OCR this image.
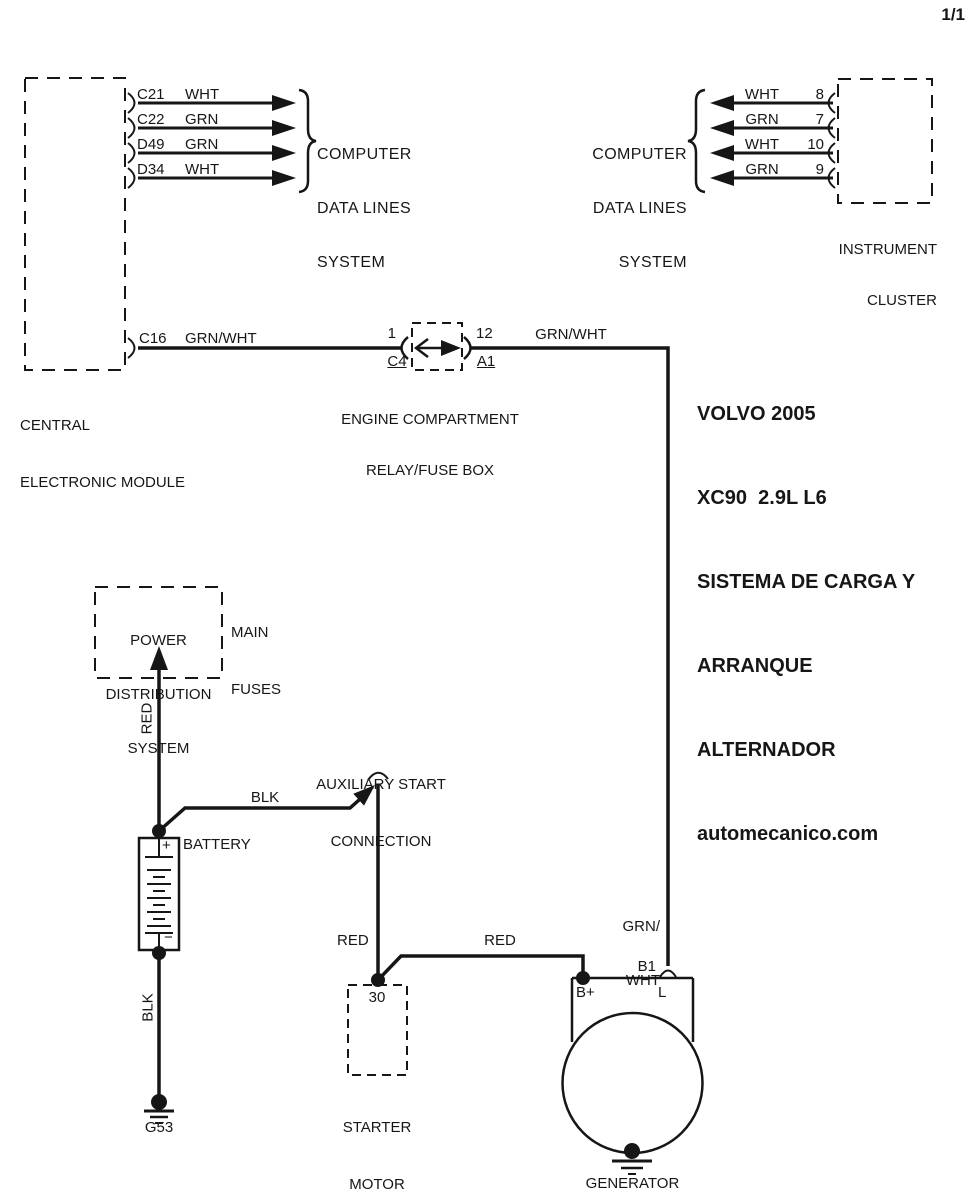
1/1
C21 WHT
C22 GRN
D49 GRN
D34 WHT

COMPUTER

DATA LINES

SYSTEM

COMPUTER

DATA LINES

SYSTEM

WHT	8
GRN	7
WHT	10
GRN	9

INSTRUMENT

CLUSTER

C16 GRN/WHT	1	12
C4	A1
GRN/WHT

ENGINE COMPARTMENT

RELAY/FUSE BOX

CENTRAL

ELECTRONIC MODULE

VOLVO 2005

XC90  2.9L L6

SISTEMA DE CARGA Y

ARRANQUE

ALTERNADOR

automecanico.com

POWER

DISTRIBUTION

SYSTEM

MAIN

FUSES

RED
BLK
BLK
RED	RED

GRN/

WHT

AUXILIARY START

CONNECTION

BATTERY
+
−
G53
30

STARTER

MOTOR

B1
B+	L
GENERATOR
